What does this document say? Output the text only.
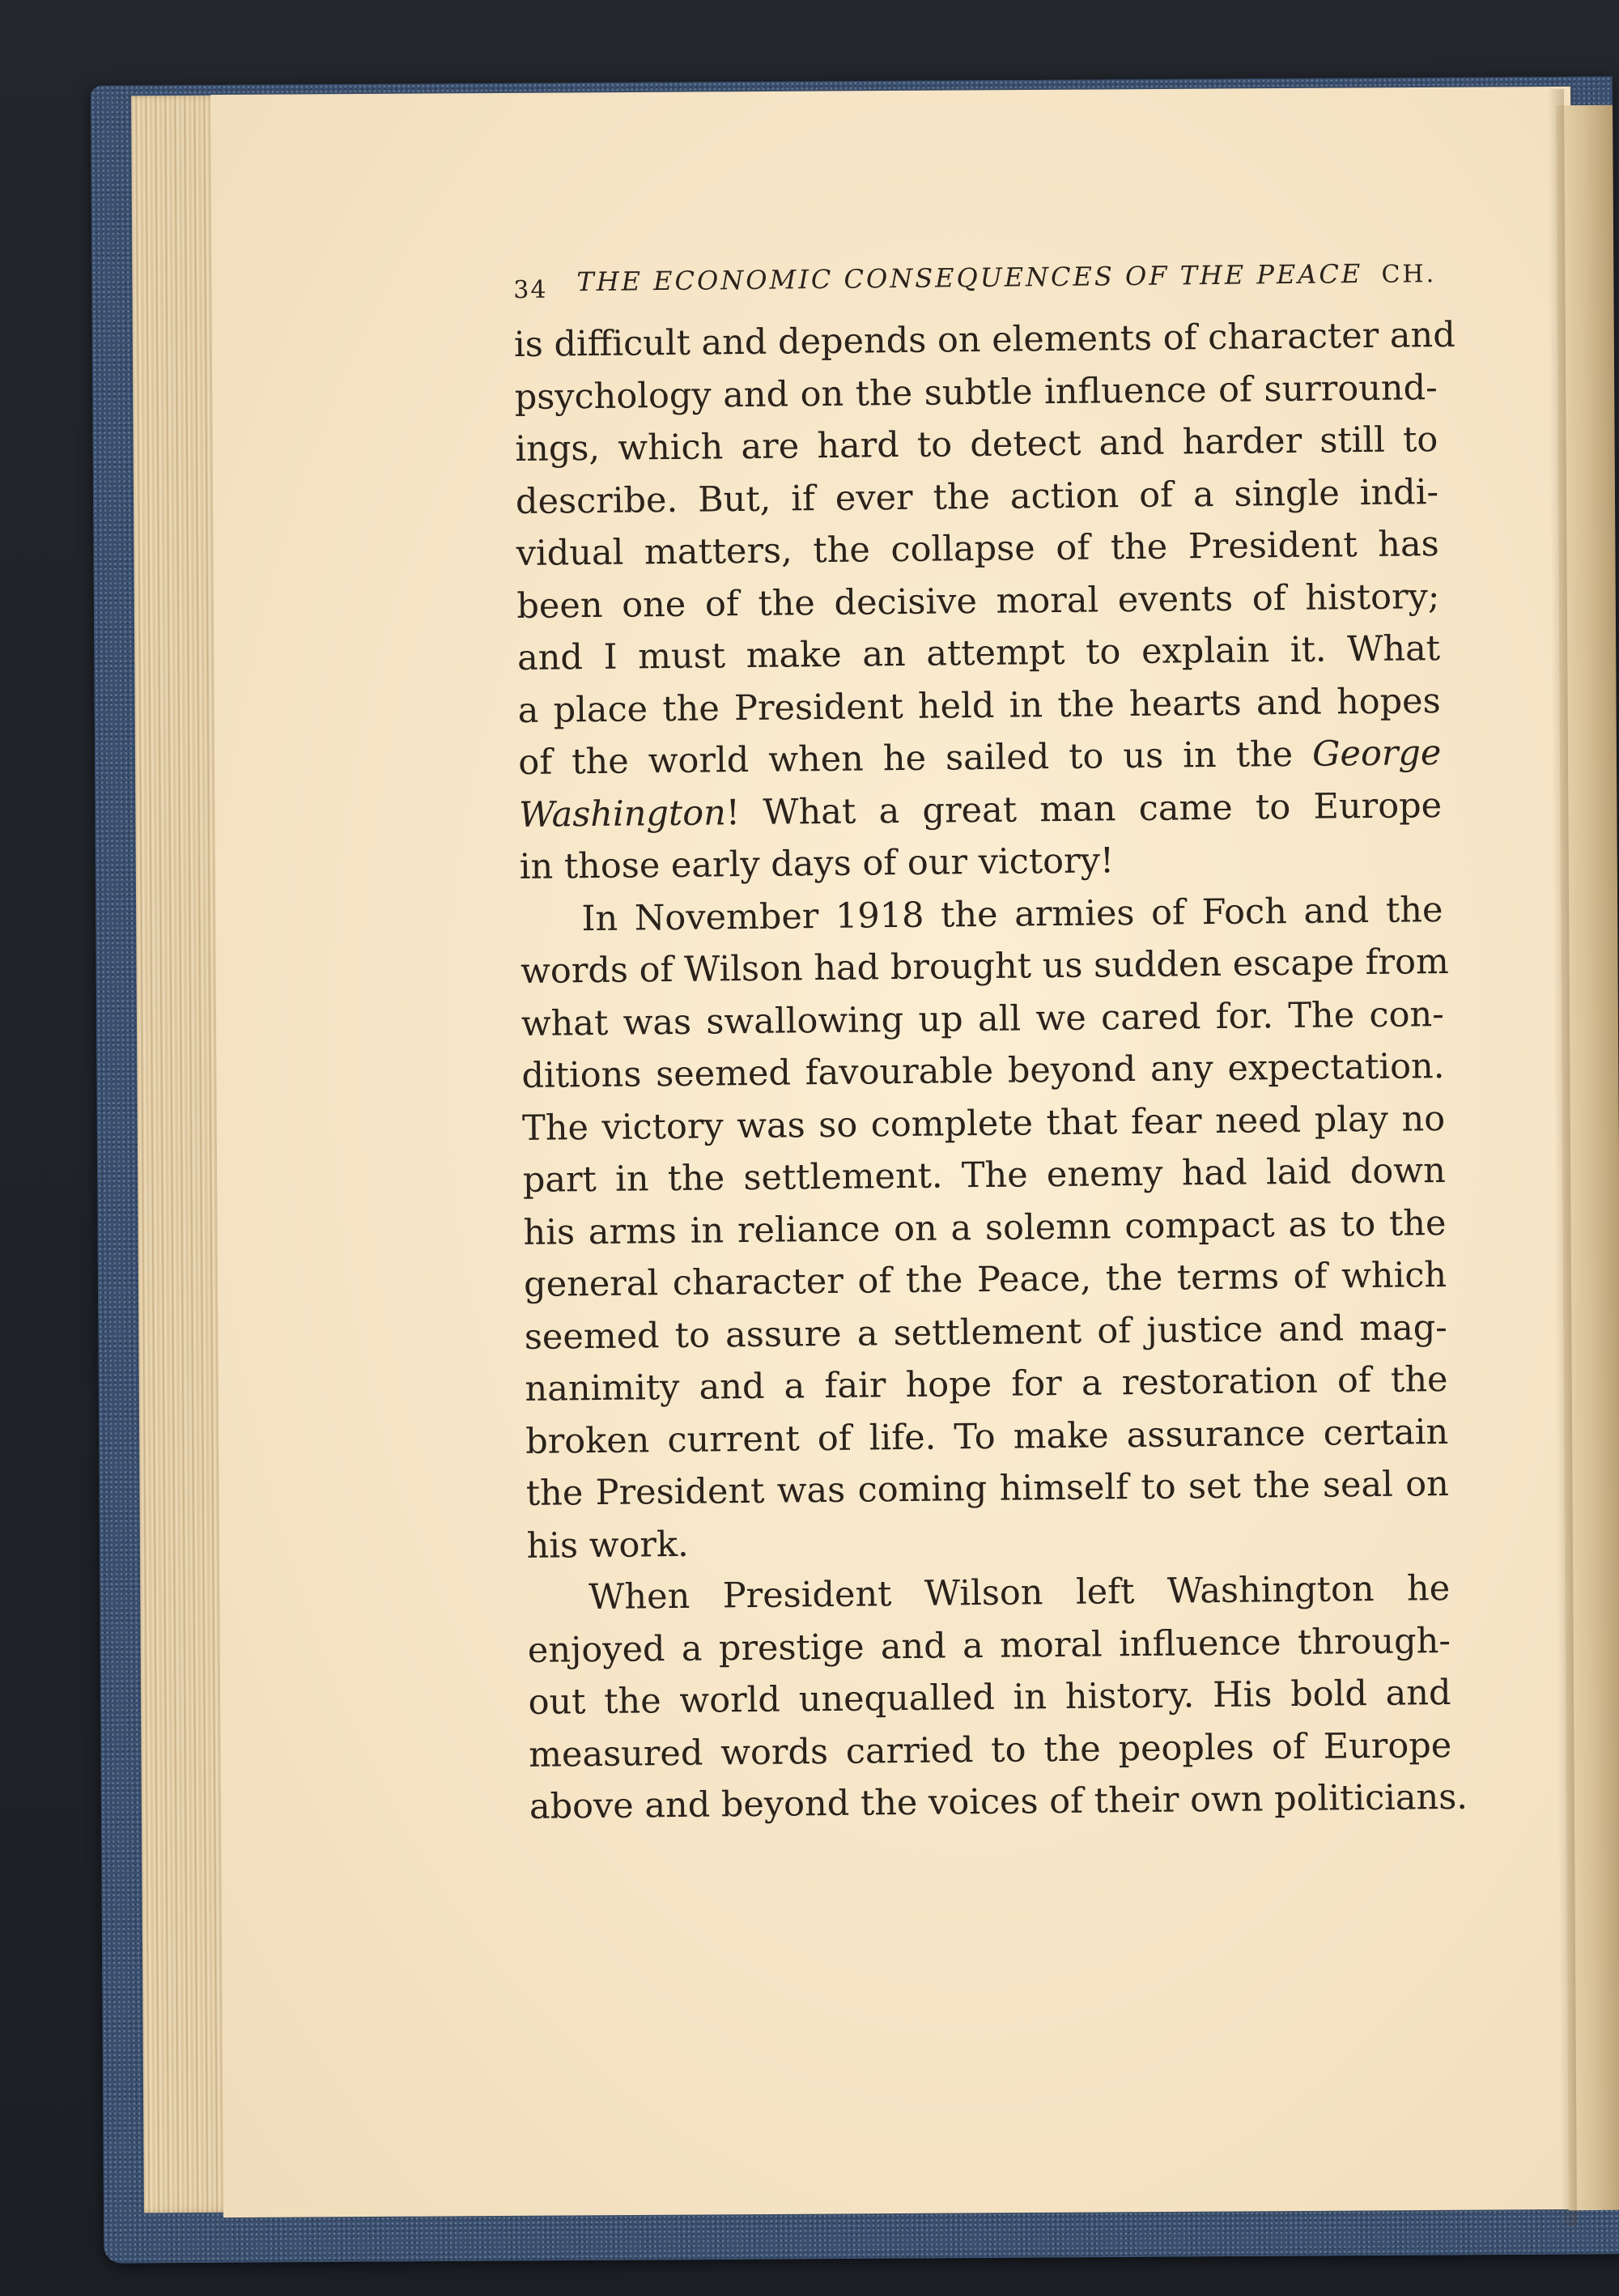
34 THE ECONOMIC CONSEQUENCES OF THE PEACE CH.

is difficult and depends on elements of character and
psychology and on the subtle influence of surround-
ings, which are hard to detect and harder still to
describe. But, if ever the action of a single indi-
vidual matters, the collapse of the President has
been one of the decisive moral events of history;
and I must make an attempt to explain it. What
a place the President held in the hearts and hopes
of the world when he sailed to us in the George
Washington! What a great man came to Europe
in those early days of our victory!

In November 1918 the armies of Foch and the
words of Wilson had brought us sudden escape from
what was swallowing up all we cared for. The con-
ditions seemed favourable beyond any expectation.
The victory was so complete that fear need play no
part in the settlement. The enemy had laid down
his arms in reliance on a solemn compact as to the
general character of the Peace, the terms of which
seemed to assure a settlement of justice and mag-
nanimity and a fair hope for a restoration of the
broken current of life. To make assurance certain
the President was coming himself to set the seal on
his work.

When President Wilson left Washington he
enjoyed a prestige and a moral influence through-
out the world unequalled in history. His bold and
measured words carried to the peoples of Europe
above and beyond the voices of their own politicians.
